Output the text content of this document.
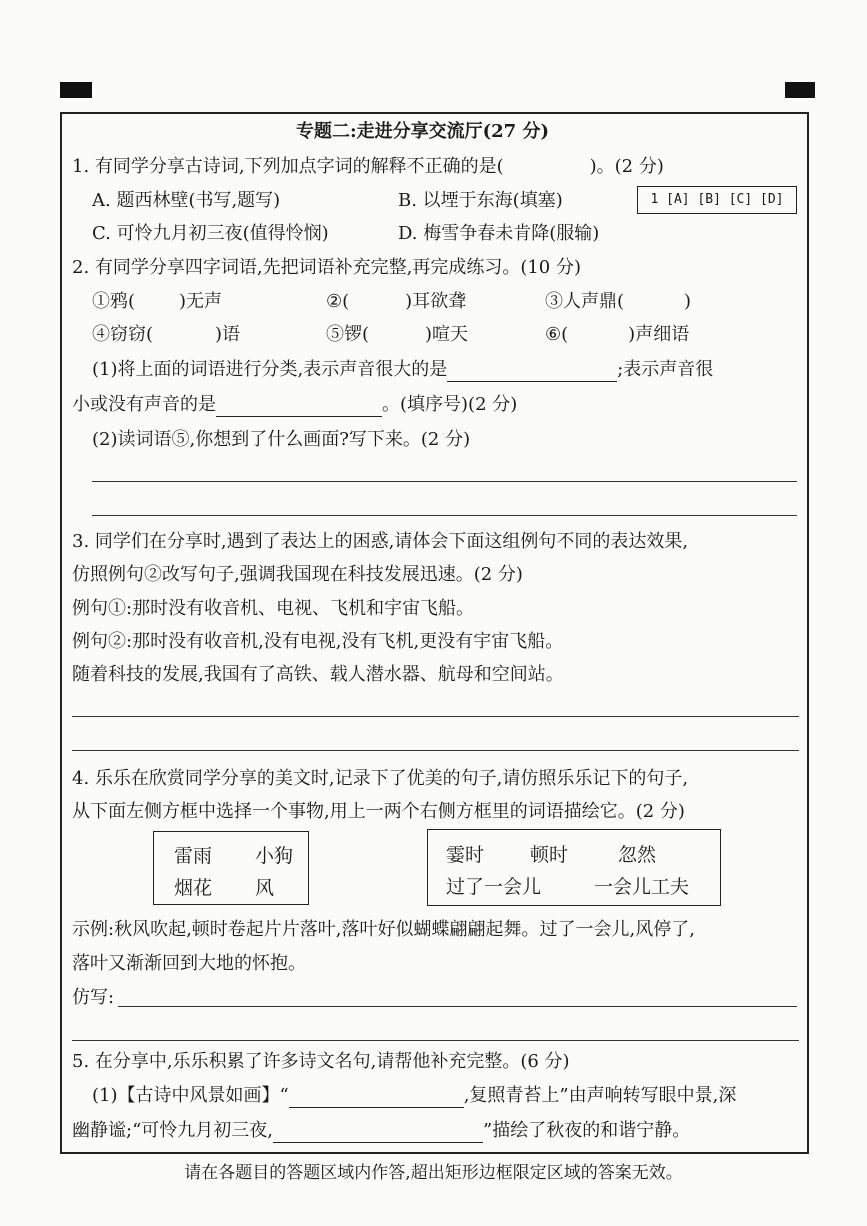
专题二:走进分享交流厅(27 分)
1. 有同学分享古诗词,下列加点字词的解释不正确的是(	)。(2 分)
A. 题西林壁(书写,题写)	B. 以堙于东海(填塞)	1 [A] [B] [C] [D]
C. 可怜九月初三夜(值得怜悯)	D. 梅雪争春未肯降(服输)
2. 有同学分享四字词语,先把词语补充完整,再完成练习。(10 分)
①鸦( )无声	②(	)耳欲聋	③人声鼎(	)
④窃窃(	)语	⑤锣(	)喧天	⑥(	)声细语
(1)将上面的词语进行分类,表示声音很大的是	;表示声音很
小或没有声音的是	。(填序号)(2 分)
(2)读词语⑤,你想到了什么画面?写下来。(2 分)
3. 同学们在分享时,遇到了表达上的困惑,请体会下面这组例句不同的表达效果,
仿照例句②改写句子,强调我国现在科技发展迅速。(2 分)
例句①:那时没有收音机、电视、飞机和宇宙飞船。
例句②:那时没有收音机,没有电视,没有飞机,更没有宇宙飞船。
随着科技的发展,我国有了高铁、载人潜水器、航母和空间站。
4. 乐乐在欣赏同学分享的美文时,记录下了优美的句子,请仿照乐乐记下的句子,
从下面左侧方框中选择一个事物,用上一两个右侧方框里的词语描绘它。(2 分)
雷雨 小狗
烟花 风
霎时 顿时	忽然
过了一会儿	一会儿工夫
示例:秋风吹起,顿时卷起片片落叶,落叶好似蝴蝶翩翩起舞。过了一会儿,风停了,
落叶又渐渐回到大地的怀抱。
仿写:
5. 在分享中,乐乐积累了许多诗文名句,请帮他补充完整。(6 分)
(1)【古诗中风景如画】“	,复照青苔上”由声响转写眼中景,深
幽静谧;“可怜九月初三夜,	”描绘了秋夜的和谐宁静。
请在各题目的答题区域内作答,超出矩形边框限定区域的答案无效。
